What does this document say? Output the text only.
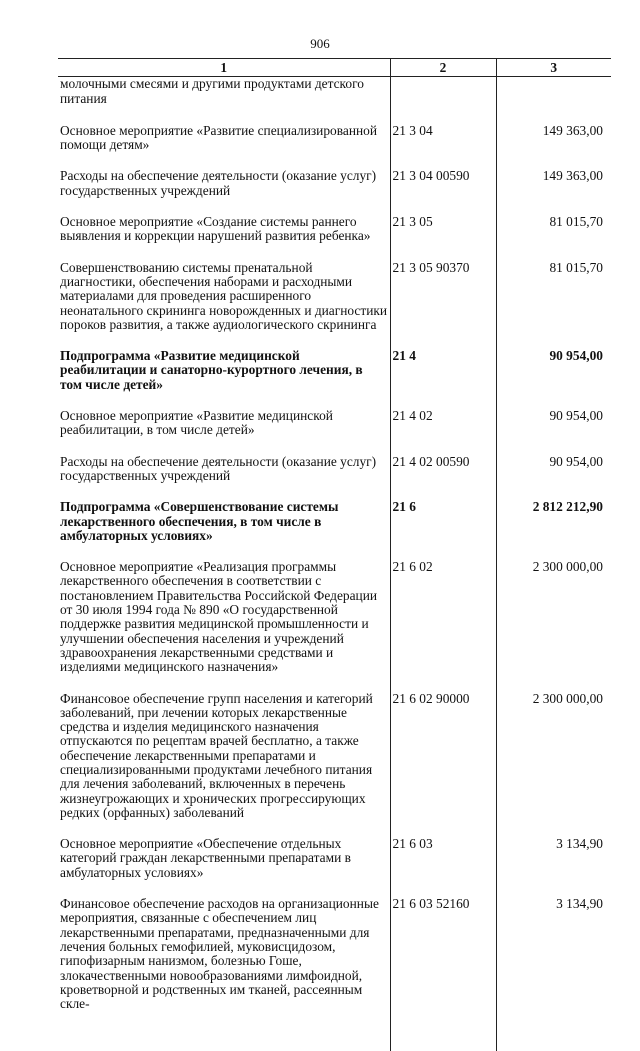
906
1	2	3
молочными смесями и другими продуктами детского питания		
Основное мероприятие «Развитие специализированной помощи детям»	21 3 04	149 363,00
Расходы на обеспечение деятельности (оказание услуг) государственных учреждений	21 3 04 00590	149 363,00
Основное мероприятие «Создание системы раннего выявления и коррекции нарушений развития ребенка»	21 3 05	81 015,70
Совершенствованию системы пренатальной диагностики, обеспечения наборами и расходными материалами для проведения расширенного неонатального скрининга новорожденных и диагностики пороков развития, а также аудиологического скрининга	21 3 05 90370	81 015,70
Подпрограмма «Развитие медицинской реабилитации и санаторно-курортного лечения, в том числе детей»	21 4	90 954,00
Основное мероприятие «Развитие медицинской реабилитации, в том числе детей»	21 4 02	90 954,00
Расходы на обеспечение деятельности (оказание услуг) государственных учреждений	21 4 02 00590	90 954,00
Подпрограмма «Совершенствование системы лекарственного обеспечения, в том числе в амбулаторных условиях»	21 6	2 812 212,90
Основное мероприятие «Реализация программы лекарственного обеспечения в соответствии с постановлением Правительства Российской Федерации от 30 июля 1994 года № 890 «О государственной поддержке развития медицинской промышленности и улучшении обеспечения населения и учреждений здравоохранения лекарственными средствами и изделиями медицинского назначения»	21 6 02	2 300 000,00
Финансовое обеспечение групп населения и категорий заболеваний, при лечении которых лекарственные средства и изделия медицинского назначения отпускаются по рецептам врачей бесплатно, а также обеспечение лекарственными препаратами и специализированными продуктами лечебного питания для лечения заболеваний, включенных в перечень жизнеугрожающих и хронических прогрессирующих редких (орфанных) заболеваний	21 6 02 90000	2 300 000,00
Основное мероприятие «Обеспечение отдельных категорий граждан лекарственными препаратами в амбулаторных условиях»	21 6 03	3 134,90
Финансовое обеспечение расходов на организационные мероприятия, связанные с обеспечением лиц лекарственными препаратами, предназначенными для лечения больных гемофилией, муковисцидозом, гипофизарным нанизмом, болезнью Гоше, злокачественными новообразованиями лимфоидной, кроветворной и родственных им тканей, рассеянным скле-	21 6 03 52160	3 134,90
